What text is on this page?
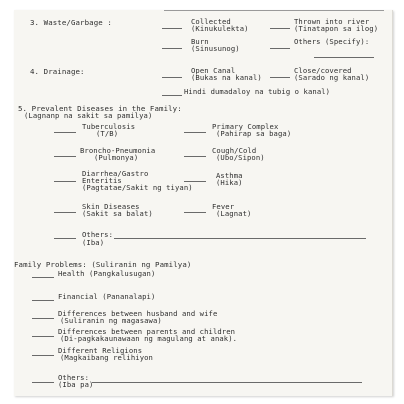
3. Waste/Garbage :	Collected
(Kinukulekta)
Thrown into river
(Tinatapon sa ilog)
Burn
(Sinusunog)
Others (Specify):
4. Drainage:	Open Canal
(Bukas na kanal)
Close/covered
(Sarado ng kanal)
Hindi dumadaloy na tubig o kanal)
5. Prevalent Diseases in the Family:
(Lagnanp na sakit sa pamilya)
Tuberculosis
(T/B)
Primary Complex
(Pahirap sa baga)
Broncho-Pneumonia
(Pulmonya)
Cough/Cold
(Ubo/Sipon)
Diarrhea/Gastro
Enteritis
(Pagtatae/Sakit ng tiyan)
Asthma
(Hika)
Skin Diseases
(Sakit sa balat)
Fever
(Lagnat)
Others:
(Iba)
Family Problems: (Suliranin ng Pamilya)
Health (Pangkalusugan)
Financial (Pananalapi)
Differences between husband and wife
(Suliranin ng magasawa)
Differences between parents and children
(Di-pagkakaunawaan ng magulang at anak).
Different Religions
(Magkaibang relihiyon
Others:
(Iba pa)
